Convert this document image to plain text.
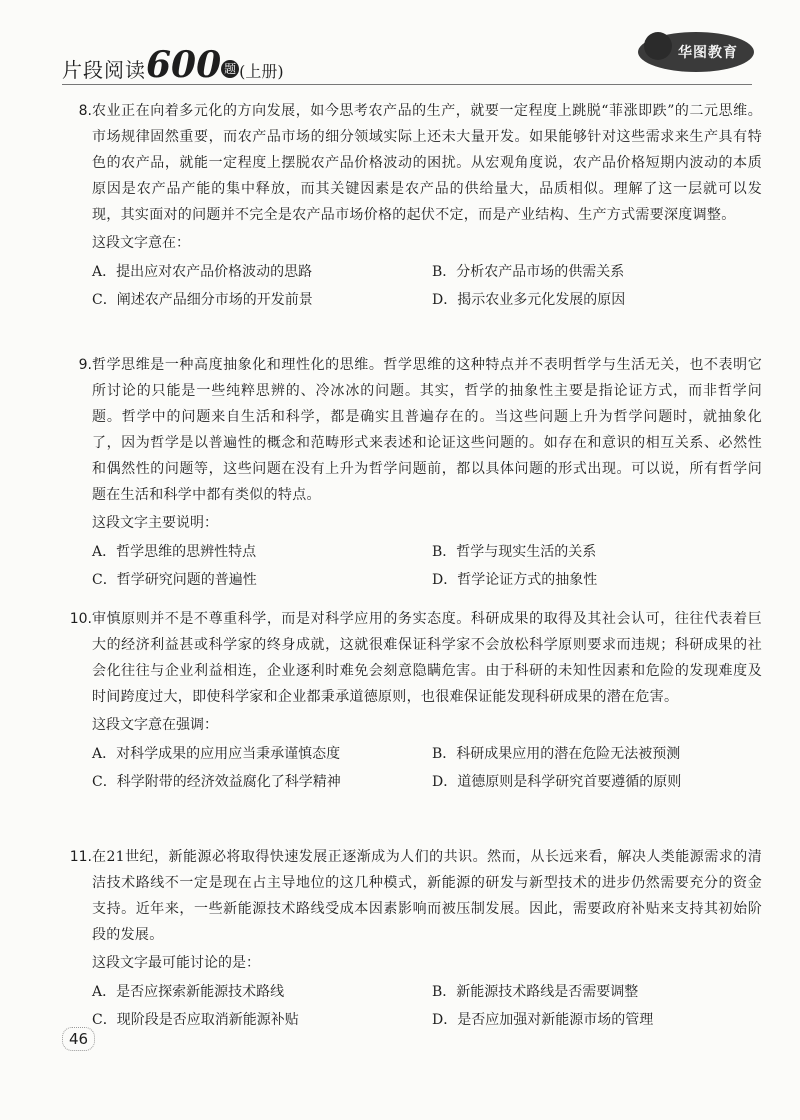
片段阅读600 题 (上册)
华图教育
8. 农业正在向着多元化的方向发展，如今思考农产品的生产，就要一定程度上跳脱“菲涨即跌”的二元思维。市场规律固然重要，而农产品市场的细分领域实际上还未大量开发。如果能够针对这些需求来生产具有特色的农产品，就能一定程度上摆脱农产品价格波动的困扰。从宏观角度说，农产品价格短期内波动的本质原因是农产品产能的集中释放，而其关键因素是农产品的供给量大，品质相似。理解了这一层就可以发现，其实面对的问题并不完全是农产品市场价格的起伏不定，而是产业结构、生产方式需要深度调整。

这段文字意在：

A．提出应对农产品价格波动的思路	B．分析农产品市场的供需关系
C．阐述农产品细分市场的开发前景	D．揭示农业多元化发展的原因
9. 哲学思维是一种高度抽象化和理性化的思维。哲学思维的这种特点并不表明哲学与生活无关，也不表明它所讨论的只能是一些纯粹思辨的、冷冰冰的问题。其实，哲学的抽象性主要是指论证方式，而非哲学问题。哲学中的问题来自生活和科学，都是确实且普遍存在的。当这些问题上升为哲学问题时，就抽象化了，因为哲学是以普遍性的概念和范畴形式来表述和论证这些问题的。如存在和意识的相互关系、必然性和偶然性的问题等，这些问题在没有上升为哲学问题前，都以具体问题的形式出现。可以说，所有哲学问题在生活和科学中都有类似的特点。

这段文字主要说明：

A．哲学思维的思辨性特点	B．哲学与现实生活的关系
C．哲学研究问题的普遍性	D．哲学论证方式的抽象性
10. 审慎原则并不是不尊重科学，而是对科学应用的务实态度。科研成果的取得及其社会认可，往往代表着巨大的经济利益甚或科学家的终身成就，这就很难保证科学家不会放松科学原则要求而违规；科研成果的社会化往往与企业利益相连，企业逐利时难免会刻意隐瞒危害。由于科研的未知性因素和危险的发现难度及时间跨度过大，即使科学家和企业都秉承道德原则，也很难保证能发现科研成果的潜在危害。

这段文字意在强调：

A．对科学成果的应用应当秉承谨慎态度	B．科研成果应用的潜在危险无法被预测
C．科学附带的经济效益腐化了科学精神	D．道德原则是科学研究首要遵循的原则
11. 在21世纪，新能源必将取得快速发展正逐渐成为人们的共识。然而，从长远来看，解决人类能源需求的清洁技术路线不一定是现在占主导地位的这几种模式，新能源的研发与新型技术的进步仍然需要充分的资金支持。近年来，一些新能源技术路线受成本因素影响而被压制发展。因此，需要政府补贴来支持其初始阶段的发展。

这段文字最可能讨论的是：

A．是否应探索新能源技术路线	B．新能源技术路线是否需要调整
C．现阶段是否应取消新能源补贴	D．是否应加强对新能源市场的管理
46
